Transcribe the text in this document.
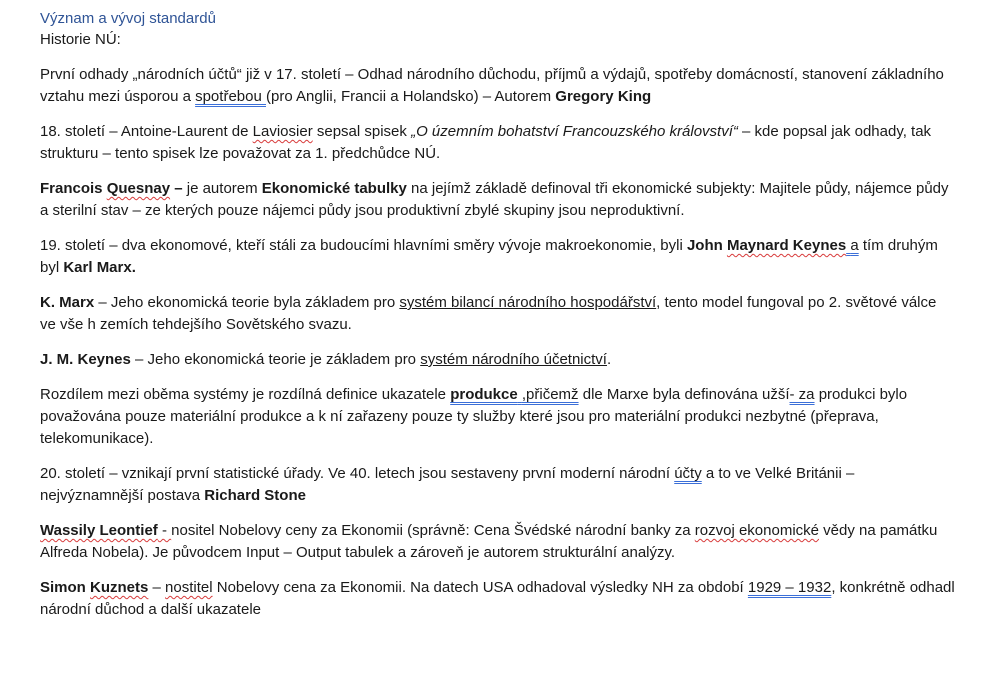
Význam a vývoj standardů
Historie NÚ:

První odhady „národních účtů“ již v 17. století – Odhad národního důchodu, příjmů a výdajů, spotřeby domácností, stanovení základního vztahu mezi úsporou a spotřebou (pro Anglii, Francii a Holandsko) – Autorem Gregory King

18. století – Antoine-Laurent de Laviosier sepsal spisek „O územním bohatství Francouzského království“ – kde popsal jak odhady, tak strukturu – tento spisek lze považovat za 1. předchůdce NÚ.

Francois Quesnay – je autorem Ekonomické tabulky na jejímž základě definoval tři ekonomické subjekty: Majitele půdy, nájemce půdy a sterilní stav – ze kterých pouze nájemci půdy jsou produktivní zbylé skupiny jsou neproduktivní.

19. století – dva ekonomové, kteří stáli za budoucími hlavními směry vývoje makroekonomie, byli John Maynard Keynes a tím druhým byl Karl Marx.

K. Marx – Jeho ekonomická teorie byla základem pro systém bilancí národního hospodářství, tento model fungoval po 2. světové válce ve vše h zemích tehdejšího Sovětského svazu.

J. M. Keynes – Jeho ekonomická teorie je základem pro systém národního účetnictví.

Rozdílem mezi oběma systémy je rozdílná definice ukazatele produkce ,přičemž dle Marxe byla definována užší- za produkci bylo považována pouze materiální produkce a k ní zařazeny pouze ty služby které jsou pro materiální produkci nezbytné (přeprava, telekomunikace).

20. století – vznikají první statistické úřady. Ve 40. letech jsou sestaveny první moderní národní účty a to ve Velké Británii – nejvýznamnější postava Richard Stone

Wassily Leontief - nositel Nobelovy ceny za Ekonomii (správně: Cena Švédské národní banky za rozvoj ekonomické vědy na památku Alfreda Nobela). Je původcem Input – Output tabulek a zároveň je autorem strukturální analýzy.

Simon Kuznets – nostitel Nobelovy cena za Ekonomii. Na datech USA odhadoval výsledky NH za období 1929 – 1932, konkrétně odhadl národní důchod a další ukazatele
